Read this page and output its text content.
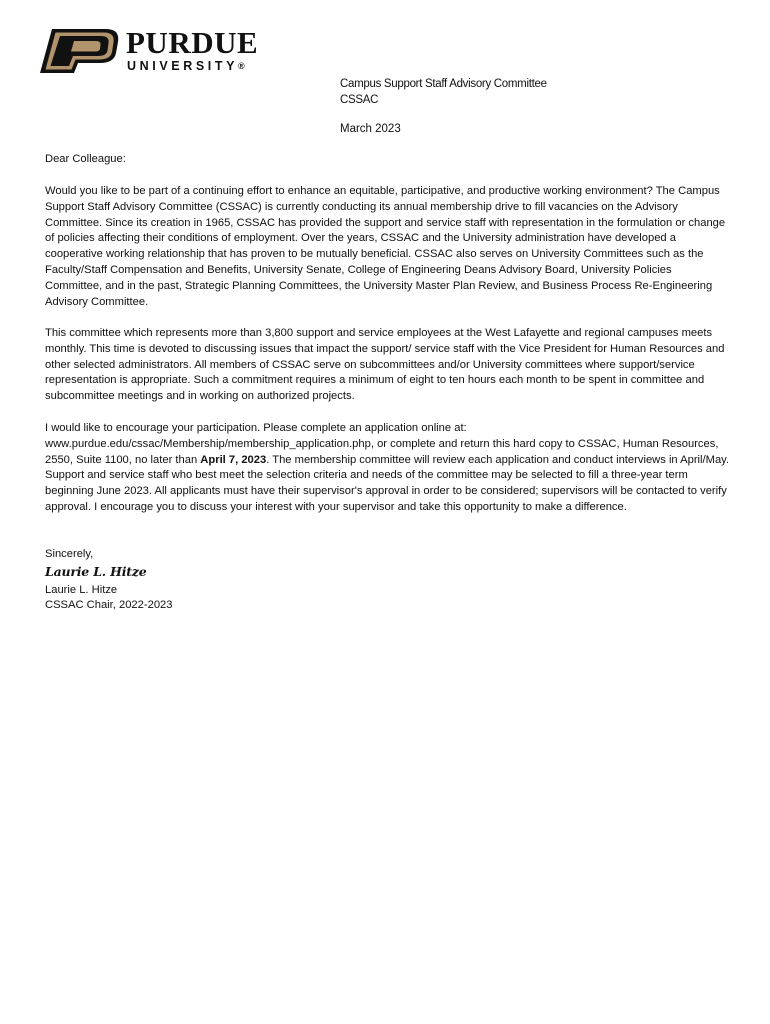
PURDUE
UNIVERSITY®
Campus Support Staff Advisory Committee
CSSAC
March 2023

Dear Colleague:

Would you like to be part of a continuing effort to enhance an equitable, participative, and productive working environment? The Campus Support Staff Advisory Committee (CSSAC) is currently conducting its annual membership drive to fill vacancies on the Advisory Committee. Since its creation in 1965, CSSAC has provided the support and service staff with representation in the formulation or change of policies affecting their conditions of employment. Over the years, CSSAC and the University administration have developed a cooperative working relationship that has proven to be mutually beneficial. CSSAC also serves on University Committees such as the Faculty/Staff Compensation and Benefits, University Senate, College of Engineering Deans Advisory Board, University Policies Committee, and in the past, Strategic Planning Committees, the University Master Plan Review, and Business Process Re-Engineering Advisory Committee.

This committee which represents more than 3,800 support and service employees at the West Lafayette and regional campuses meets monthly. This time is devoted to discussing issues that impact the support/ service staff with the Vice President for Human Resources and other selected administrators. All members of CSSAC serve on subcommittees and/or University committees where support/service representation is appropriate. Such a commitment requires a minimum of eight to ten hours each month to be spent in committee and subcommittee meetings and in working on authorized projects.

I would like to encourage your participation. Please complete an application online at: www.purdue.edu/cssac/Membership/membership_application.php, or complete and return this hard copy to CSSAC, Human Resources, 2550, Suite 1100, no later than April 7, 2023. The membership committee will review each application and conduct interviews in April/May. Support and service staff who best meet the selection criteria and needs of the committee may be selected to fill a three-year term beginning June 2023. All applicants must have their supervisor's approval in order to be considered; supervisors will be contacted to verify approval. I encourage you to discuss your interest with your supervisor and take this opportunity to make a difference.

Sincerely,

Laurie L. Hitze
Laurie L. Hitze
CSSAC Chair, 2022-2023
